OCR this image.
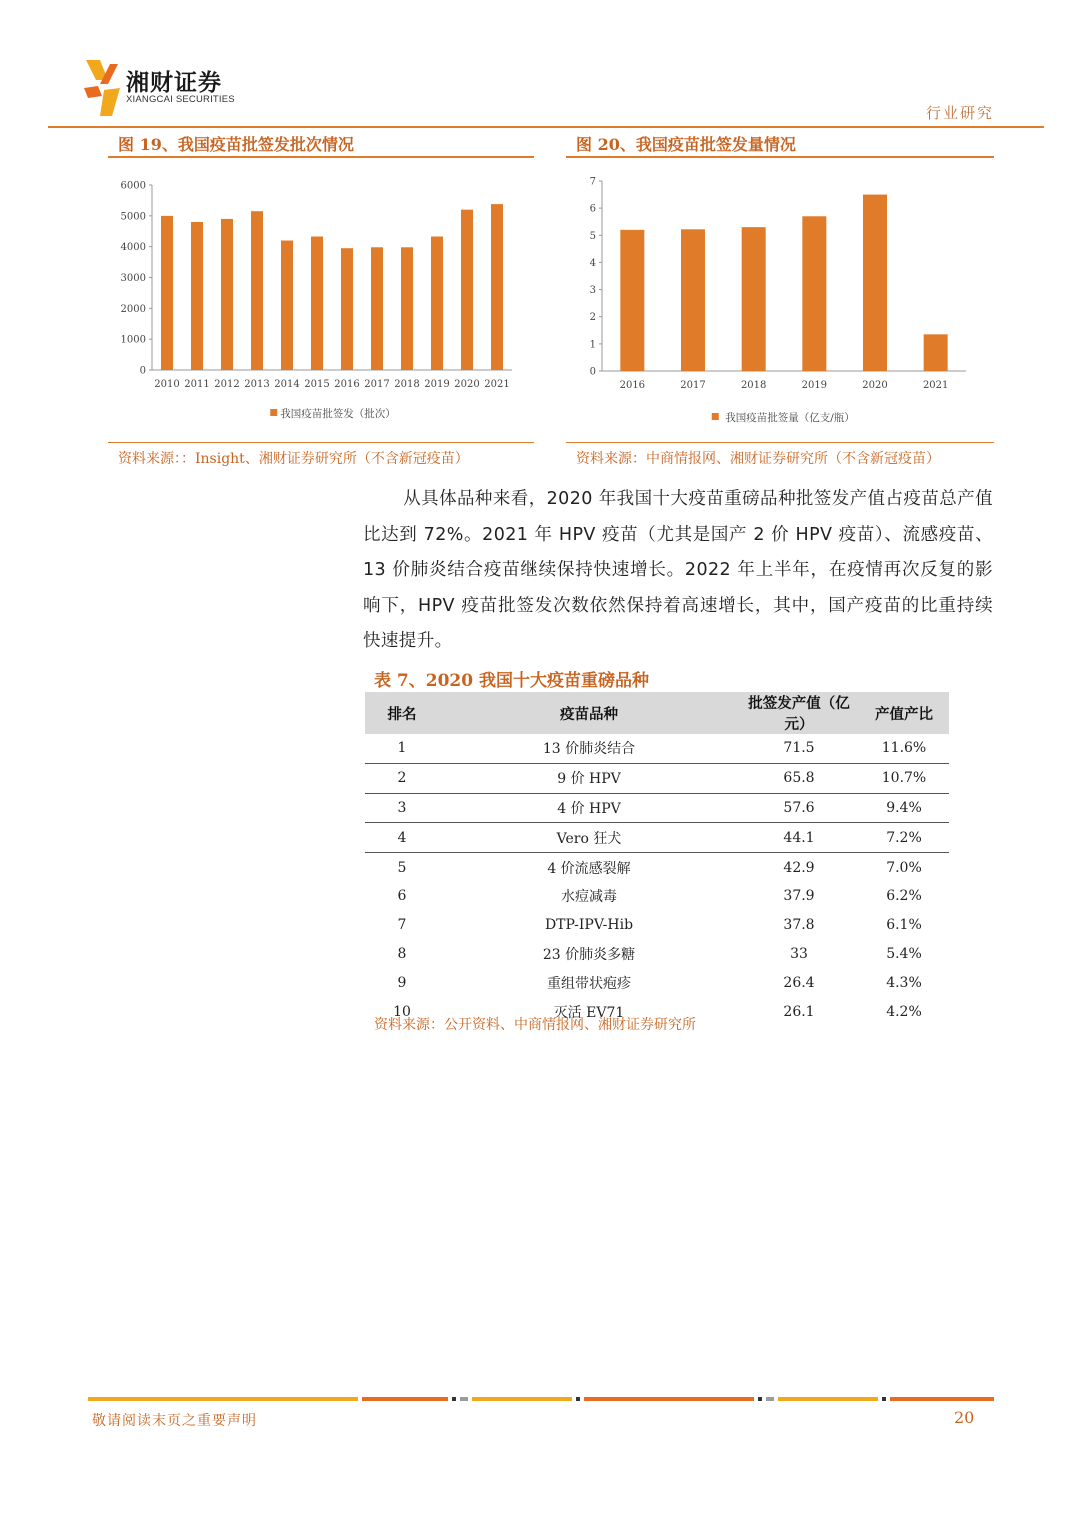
湘财证券
XIANGCAI SECURITIES
行业研究
图 19、我国疫苗批签发批次情况
0
1000
2000
3000
4000
5000
6000
2010 2011 2012 2013 2014 2015 2016 2017 2018 2019 2020 2021
我国疫苗批签发（批次）
资料来源：：Insight、湘财证券研究所（不含新冠疫苗）
图 20、我国疫苗批签发量情况
0
1
2
3
4
5
6
7
2016	2017	2018	2019	2020	2021
我国疫苗批签量（亿支/瓶）
资料来源：中商情报网、湘财证券研究所（不含新冠疫苗）
从具体品种来看，2020 年我国十大疫苗重磅品种批签发产值占疫苗总产值比达到 72%。2021 年 HPV 疫苗（尤其是国产 2 价 HPV 疫苗）、流感疫苗、13 价肺炎结合疫苗继续保持快速增长。2022 年上半年，在疫情再次反复的影响下，HPV 疫苗批签发次数依然保持着高速增长，其中，国产疫苗的比重持续快速提升。
表 7、2020 我国十大疫苗重磅品种
排名	疫苗品种	批签发产值（亿元）	产值产比
1	13 价肺炎结合	71.5	11.6%
2	9 价 HPV	65.8	10.7%
3	4 价 HPV	57.6	9.4%
4	Vero 狂犬	44.1	7.2%
5	4 价流感裂解	42.9	7.0%
6	水痘减毒	37.9	6.2%
7	DTP-IPV-Hib	37.8	6.1%
8	23 价肺炎多糖	33	5.4%
9	重组带状疱疹	26.4	4.3%
10	灭活 EV71	26.1	4.2%
资料来源：公开资料、中商情报网、湘财证券研究所
敬请阅读末页之重要声明	20
